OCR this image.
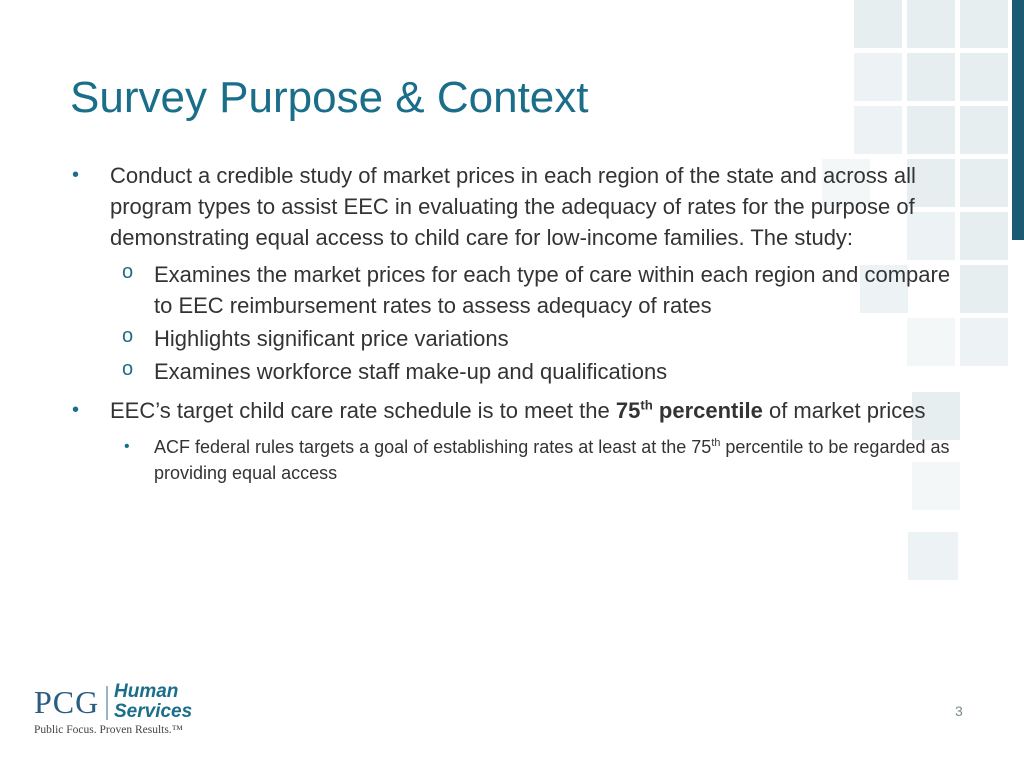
Survey Purpose & Context
• Conduct a credible study of market prices in each region of the state and across all program types to assist EEC in evaluating the adequacy of rates for the purpose of demonstrating equal access to child care for low-income families. The study:
o Examines the market prices for each type of care within each region and compare to EEC reimbursement rates to assess adequacy of rates
o Highlights significant price variations
o Examines workforce staff make-up and qualifications
• EEC’s target child care rate schedule is to meet the 75th percentile of market prices
• ACF federal rules targets a goal of establishing rates at least at the 75th percentile to be regarded as providing equal access
PCG Human
Services
Public Focus. Proven Results.™
3
